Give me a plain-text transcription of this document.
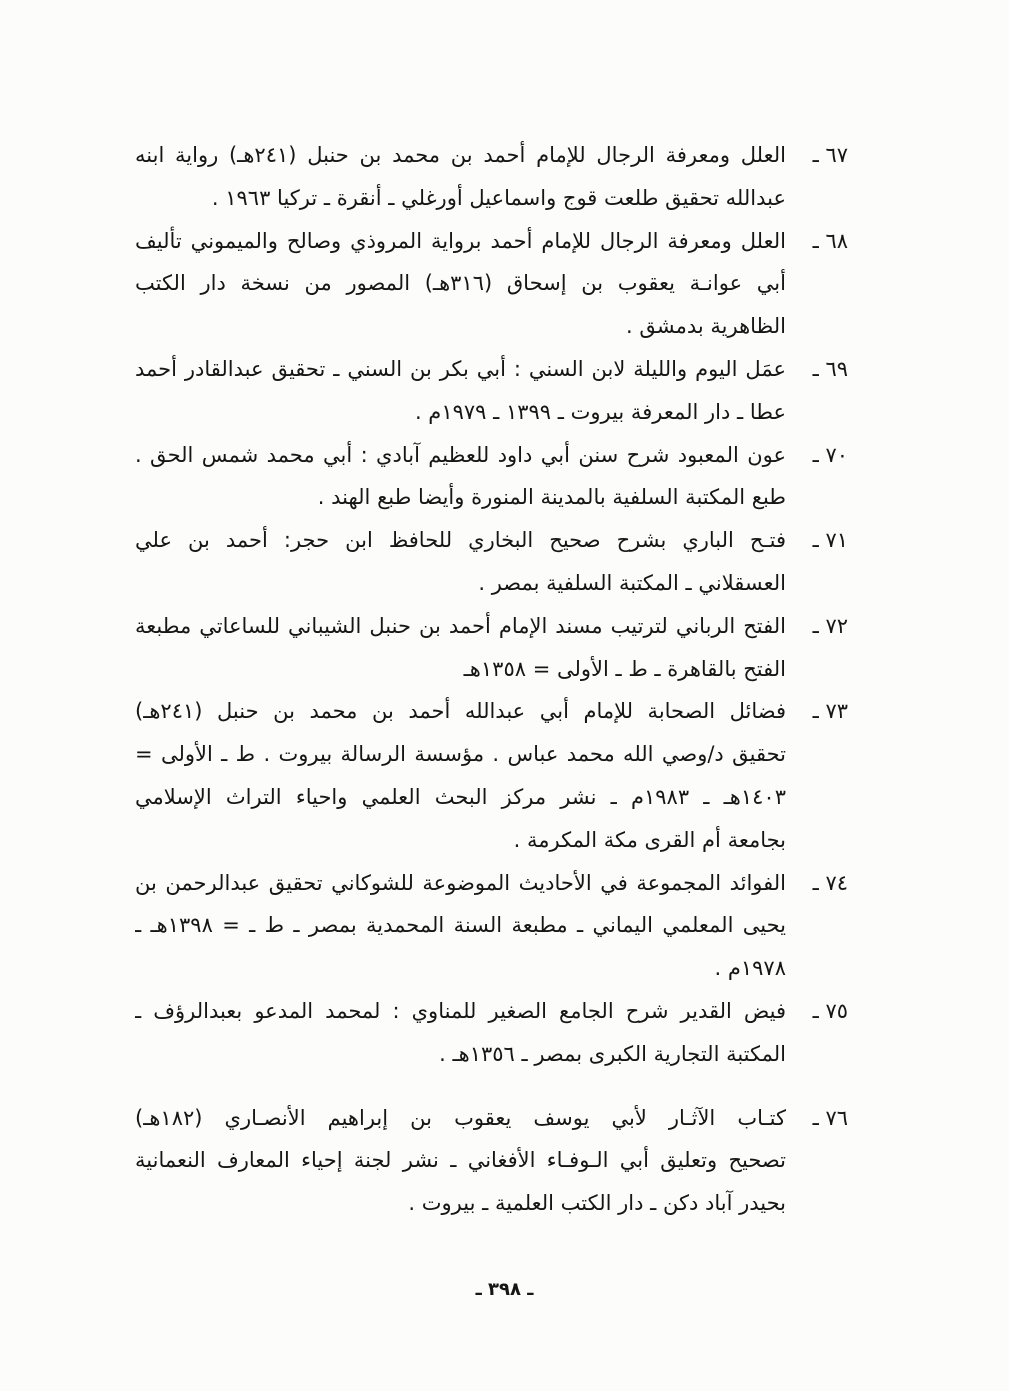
٦٧ ـ
العلل ومعرفة الرجال للإمام أحمد بن محمد بن حنبل (٢٤١هـ) رواية ابنه
عبدالله تحقيق طلعت قوج واسماعيل أورغلي ـ أنقرة ـ تركيا ١٩٦٣ .
٦٨ ـ
العلل ومعرفة الرجال للإمام أحمد برواية المروذي وصالح والميموني تأليف
أبي عوانـة يعقوب بن إسحاق (٣١٦هـ) المصور من نسخة دار الكتب
الظاهرية بدمشق .
٦٩ ـ
عمَل اليوم والليلة لابن السني : أبي بكر بن السني ـ تحقيق عبدالقادر أحمد
عطا ـ دار المعرفة بيروت ـ ١٣٩٩ ـ ١٩٧٩م .
٧٠ ـ
عون المعبود شرح سنن أبي داود للعظيم آبادي : أبي محمد شمس الحق .
طبع المكتبة السلفية بالمدينة المنورة وأيضا طبع الهند .
٧١ ـ
فتـح الباري بشرح صحيح البخاري للحافظ ابن حجر: أحمد بن علي
العسقلاني ـ المكتبة السلفية بمصر .
٧٢ ـ
الفتح الرباني لترتيب مسند الإمام أحمد بن حنبل الشيباني للساعاتي مطبعة
الفتح بالقاهرة ـ ط ـ الأولى = ١٣٥٨هـ
٧٣ ـ
فضائل الصحابة للإمام أبي عبدالله أحمد بن محمد بن حنبل (٢٤١هـ)
تحقيق د/وصي الله محمد عباس . مؤسسة الرسالة بيروت . ط ـ الأولى =
١٤٠٣هـ ـ ١٩٨٣م ـ نشر مركز البحث العلمي واحياء التراث الإسلامي
بجامعة أم القرى مكة المكرمة .
٧٤ ـ
الفوائد المجموعة في الأحاديث الموضوعة للشوكاني تحقيق عبدالرحمن بن
يحيى المعلمي اليماني ـ مطبعة السنة المحمدية بمصر ـ ط ـ = ١٣٩٨هـ ـ
١٩٧٨م .
٧٥ ـ
فيض القدير شرح الجامع الصغير للمناوي : لمحمد المدعو بعبدالرؤف ـ
المكتبة التجارية الكبرى بمصر ـ ١٣٥٦هـ .
٧٦ ـ
كتـاب الآثـار لأبي يوسف يعقوب بن إبراهيم الأنصـاري (١٨٢هـ)
تصحيح وتعليق أبي الـوفـاء الأفغاني ـ نشر لجنة إحياء المعارف النعمانية
بحيدر آباد دكن ـ دار الكتب العلمية ـ بيروت .
ـ ٣٩٨ ـ
